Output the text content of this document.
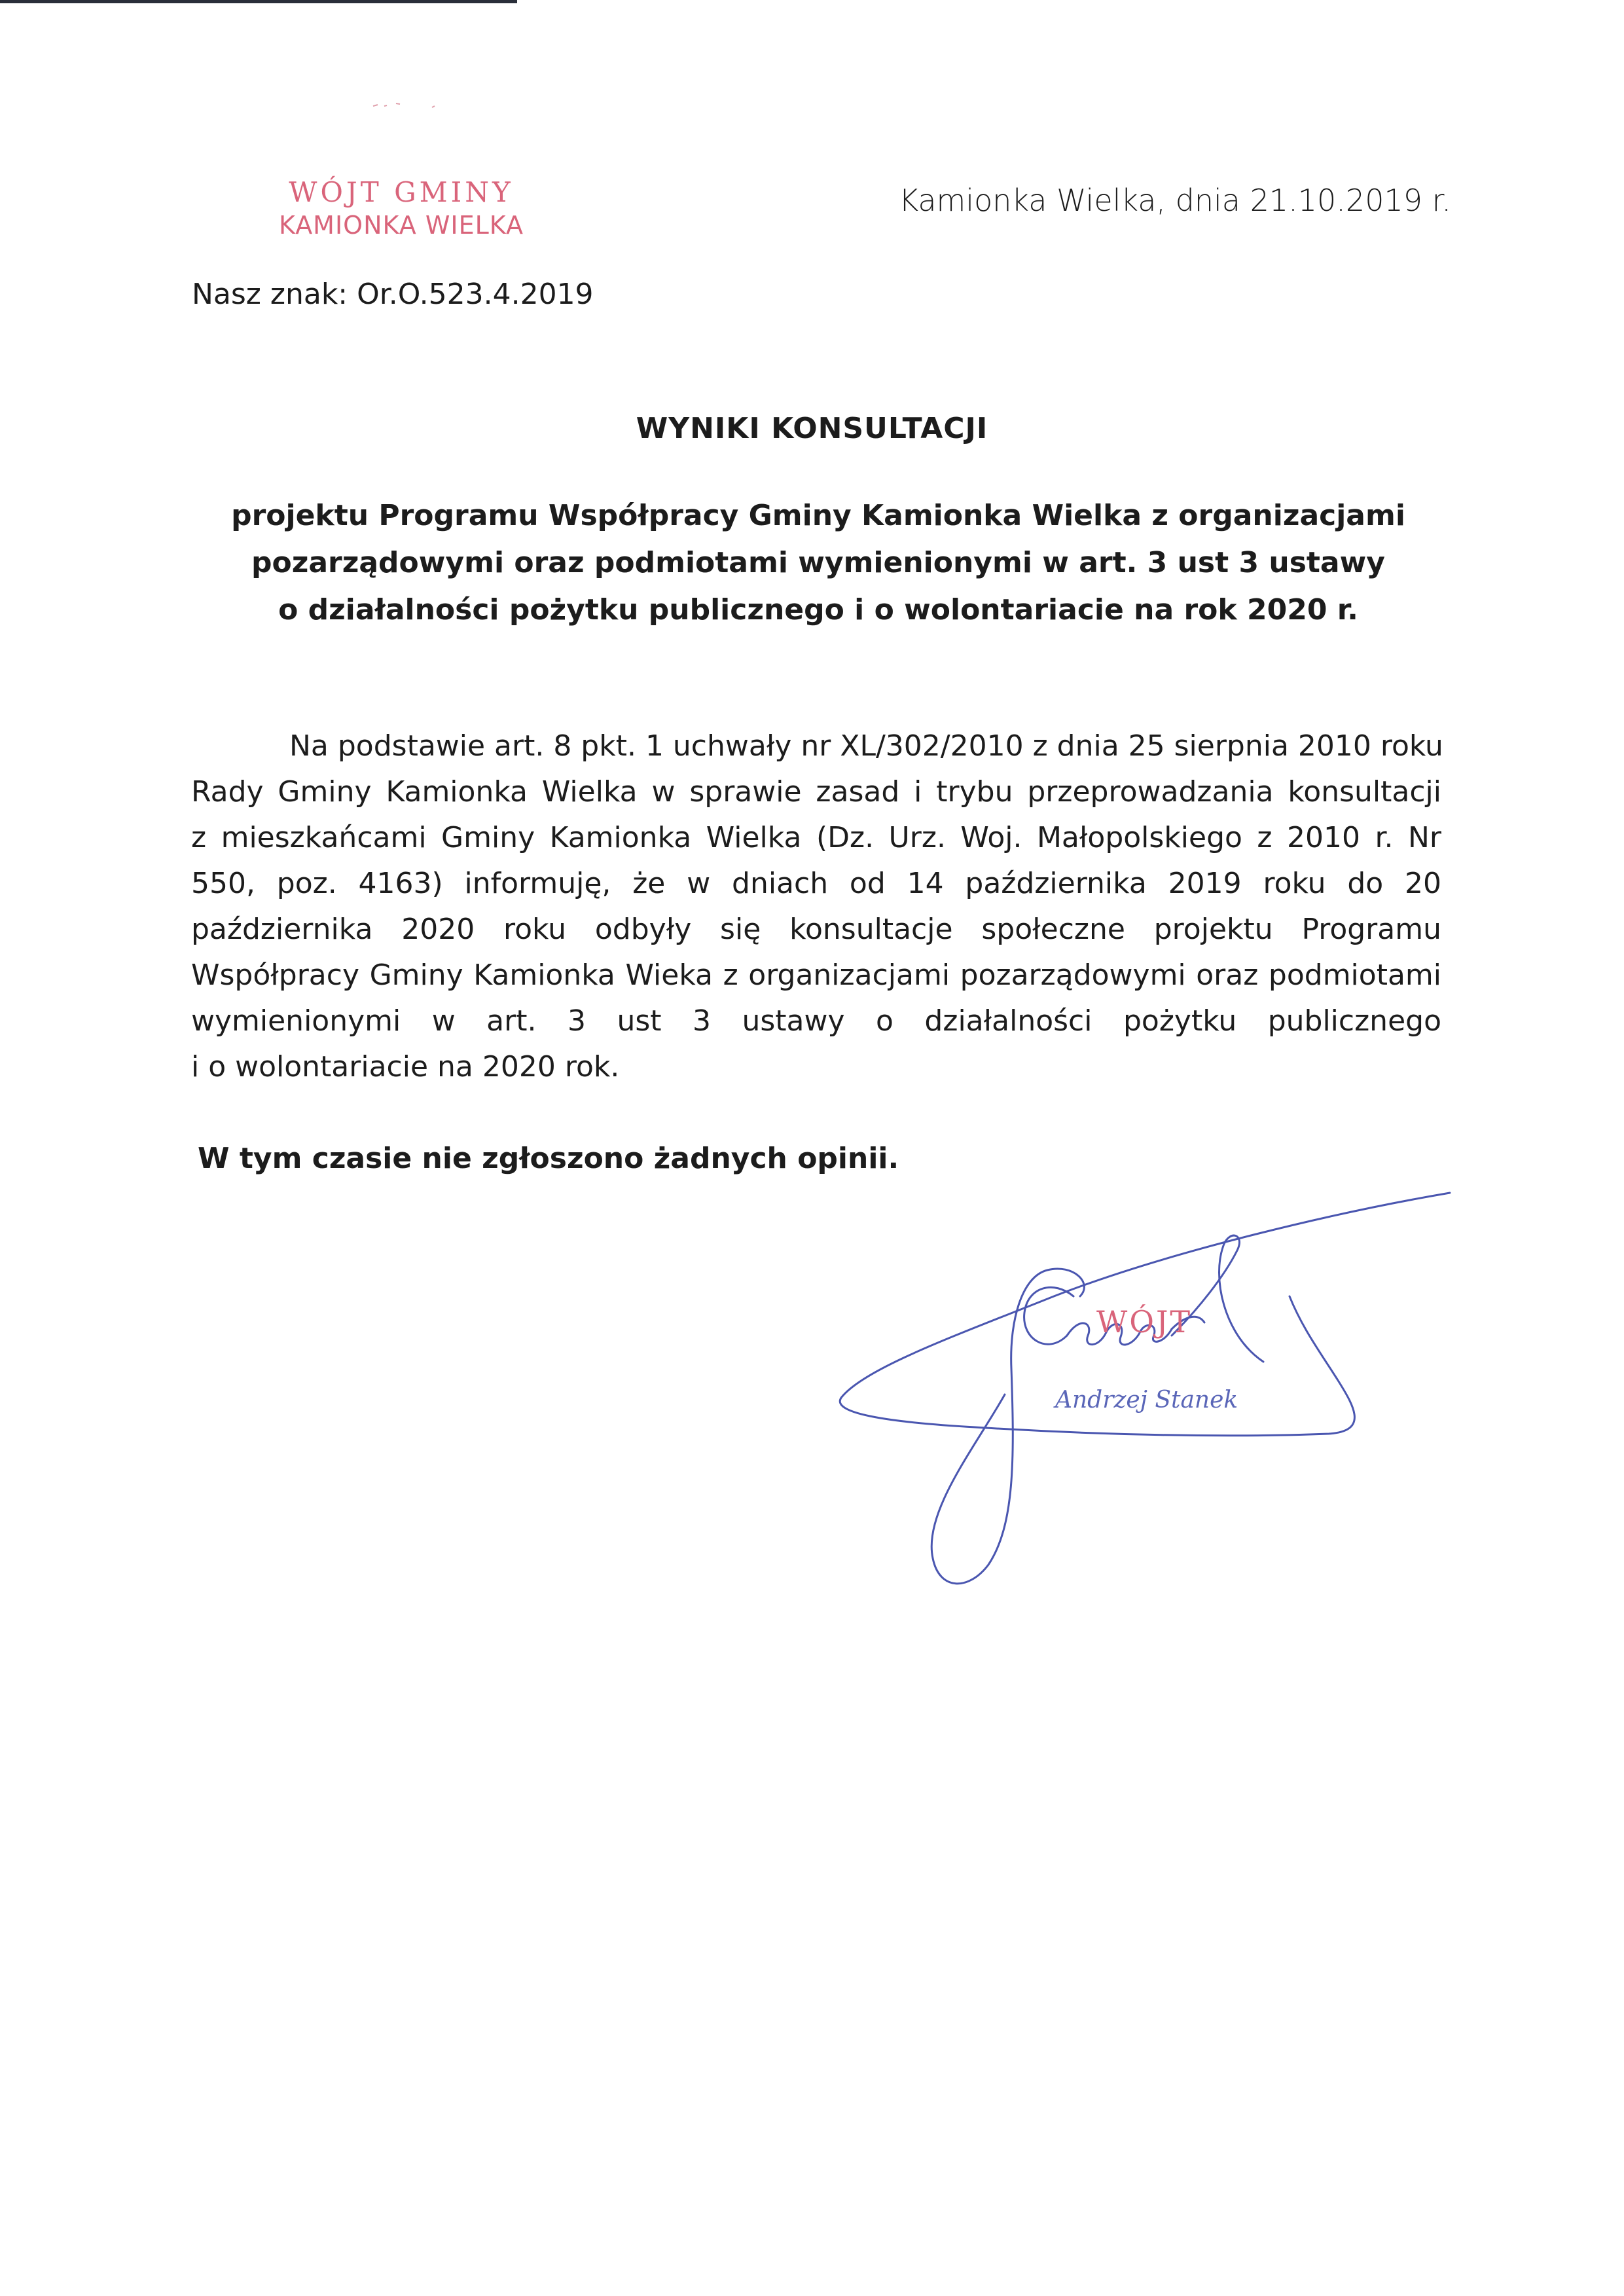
WÓJT GMINY
KAMIONKA WIELKA
Kamionka Wielka, dnia 21.10.2019 r.
Nasz znak: Or.O.523.4.2019
WYNIKI KONSULTACJI
projektu Programu Współpracy Gminy Kamionka Wielka z organizacjami
pozarządowymi oraz podmiotami wymienionymi w art. 3 ust 3 ustawy
o działalności pożytku publicznego i o wolontariacie na rok 2020 r.
Na podstawie art. 8 pkt. 1 uchwały nr XL/302/2010 z dnia 25 sierpnia 2010 roku
Rady Gminy Kamionka Wielka w sprawie zasad i trybu przeprowadzania konsultacji
z mieszkańcami Gminy Kamionka Wielka (Dz. Urz. Woj. Małopolskiego z 2010 r. Nr
550, poz. 4163) informuję, że w dniach od 14 października 2019 roku do 20
października 2020 roku odbyły się konsultacje społeczne projektu Programu
Współpracy Gminy Kamionka Wieka z organizacjami pozarządowymi oraz podmiotami
wymienionymi w art. 3 ust 3 ustawy o działalności pożytku publicznego
i o wolontariacie na 2020 rok.
W tym czasie nie zgłoszono żadnych opinii.
WÓJT
Andrzej Stanek
